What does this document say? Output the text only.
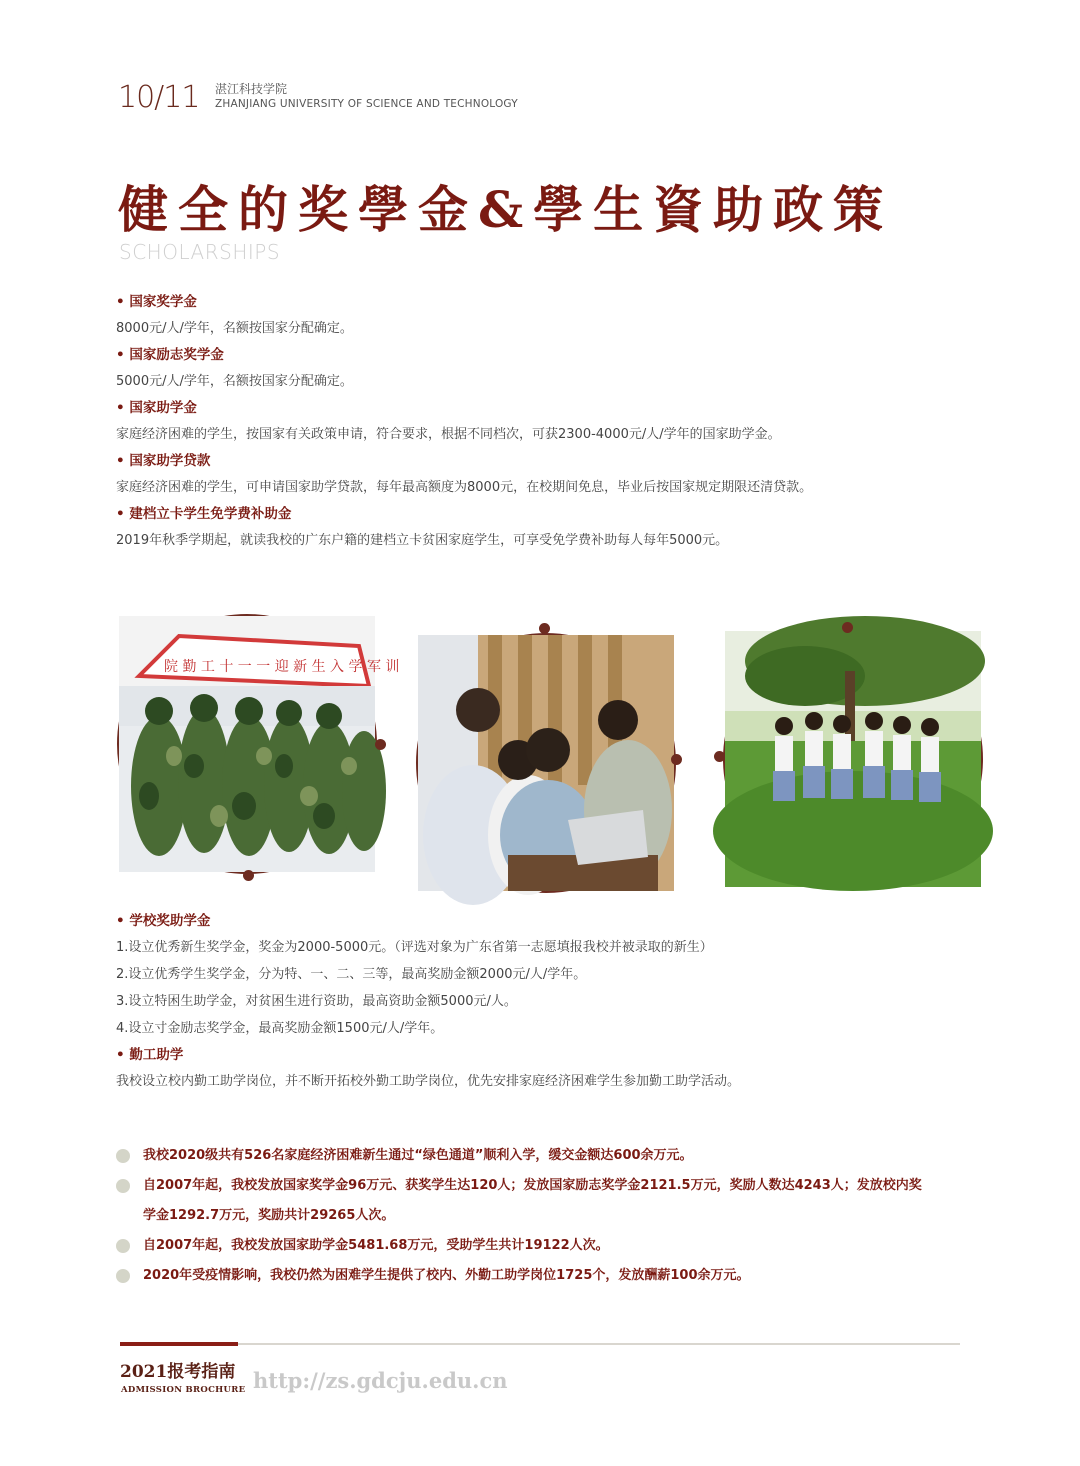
10/11 湛江科技学院
ZHANJIANG UNIVERSITY OF SCIENCE AND TECHNOLOGY
健全的奖學金&學生資助政策
SCHOLARSHIPS
• 国家奖学金
8000元/人/学年，名额按国家分配确定。
• 国家励志奖学金
5000元/人/学年，名额按国家分配确定。
• 国家助学金
家庭经济困难的学生，按国家有关政策申请，符合要求，根据不同档次，可获2300-4000元/人/学年的国家助学金。
• 国家助学贷款
家庭经济困难的学生，可申请国家助学贷款，每年最高额度为8000元，在校期间免息，毕业后按国家规定期限还清贷款。
• 建档立卡学生免学费补助金
2019年秋季学期起，就读我校的广东户籍的建档立卡贫困家庭学生，可享受免学费补助每人每年5000元。
院 勤 工 十 一 一 迎 新 生 入 学 军 训
• 学校奖助学金
1.设立优秀新生奖学金，奖金为2000-5000元。（评选对象为广东省第一志愿填报我校并被录取的新生）
2.设立优秀学生奖学金，分为特、一、二、三等，最高奖励金额2000元/人/学年。
3.设立特困生助学金，对贫困生进行资助，最高资助金额5000元/人。
4.设立寸金励志奖学金，最高奖励金额1500元/人/学年。
• 勤工助学
我校设立校内勤工助学岗位，并不断开拓校外勤工助学岗位，优先安排家庭经济困难学生参加勤工助学活动。
我校2020级共有526名家庭经济困难新生通过“绿色通道”顺利入学，缓交金额达600余万元。
自2007年起，我校发放国家奖学金96万元、获奖学生达120人；发放国家励志奖学金2121.5万元，奖励人数达4243人；发放校内奖
学金1292.7万元，奖励共计29265人次。
自2007年起，我校发放国家助学金5481.68万元，受助学生共计19122人次。
2020年受疫情影响，我校仍然为困难学生提供了校内、外勤工助学岗位1725个，发放酬薪100余万元。
2021报考指南
ADMISSION BROCHURE http://zs.gdcju.edu.cn
